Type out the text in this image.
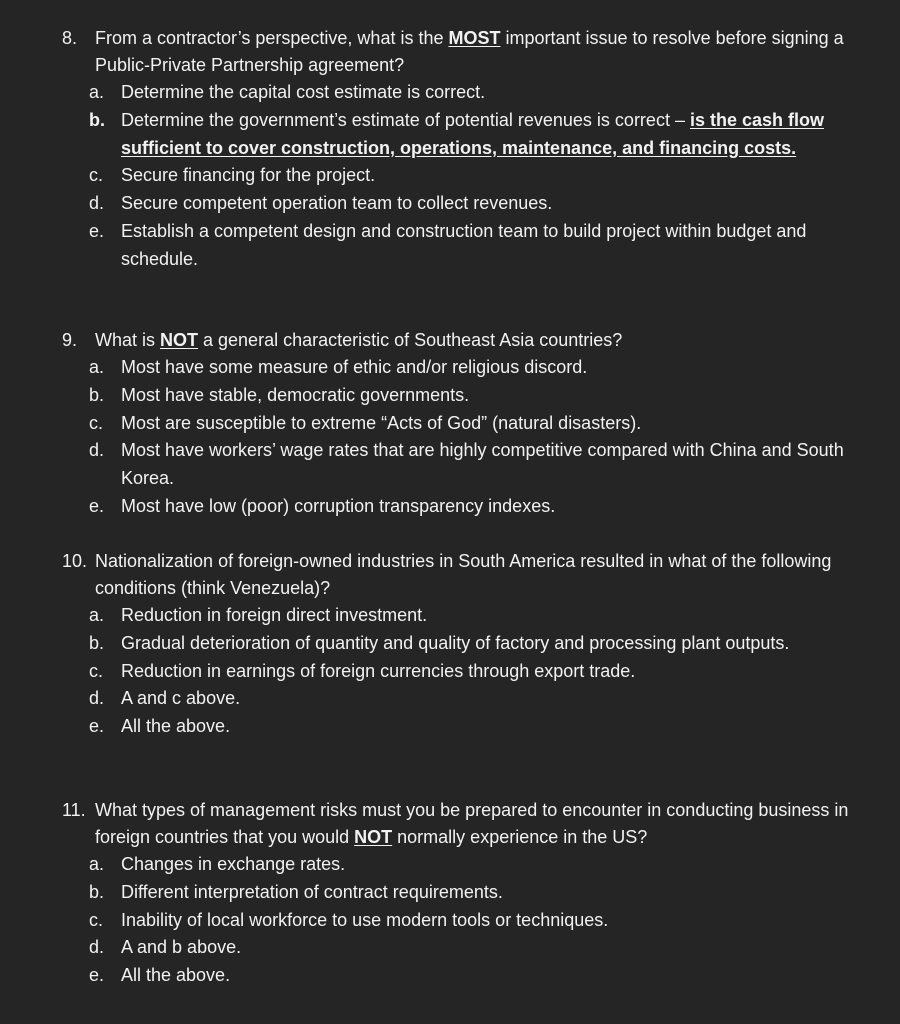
8. From a contractor’s perspective, what is the MOST important issue to resolve before signing a Public-Private Partnership agreement?
a. Determine the capital cost estimate is correct.
b. Determine the government’s estimate of potential revenues is correct – is the cash flow sufficient to cover construction, operations, maintenance, and financing costs.
c. Secure financing for the project.
d. Secure competent operation team to collect revenues.
e. Establish a competent design and construction team to build project within budget and schedule.
9. What is NOT a general characteristic of Southeast Asia countries?
a. Most have some measure of ethic and/or religious discord.
b. Most have stable, democratic governments.
c. Most are susceptible to extreme “Acts of God” (natural disasters).
d. Most have workers’ wage rates that are highly competitive compared with China and South Korea.
e. Most have low (poor) corruption transparency indexes.
10. Nationalization of foreign-owned industries in South America resulted in what of the following conditions (think Venezuela)?
a. Reduction in foreign direct investment.
b. Gradual deterioration of quantity and quality of factory and processing plant outputs.
c. Reduction in earnings of foreign currencies through export trade.
d. A and c above.
e. All the above.
11. What types of management risks must you be prepared to encounter in conducting business in foreign countries that you would NOT normally experience in the US?
a. Changes in exchange rates.
b. Different interpretation of contract requirements.
c. Inability of local workforce to use modern tools or techniques.
d. A and b above.
e. All the above.
